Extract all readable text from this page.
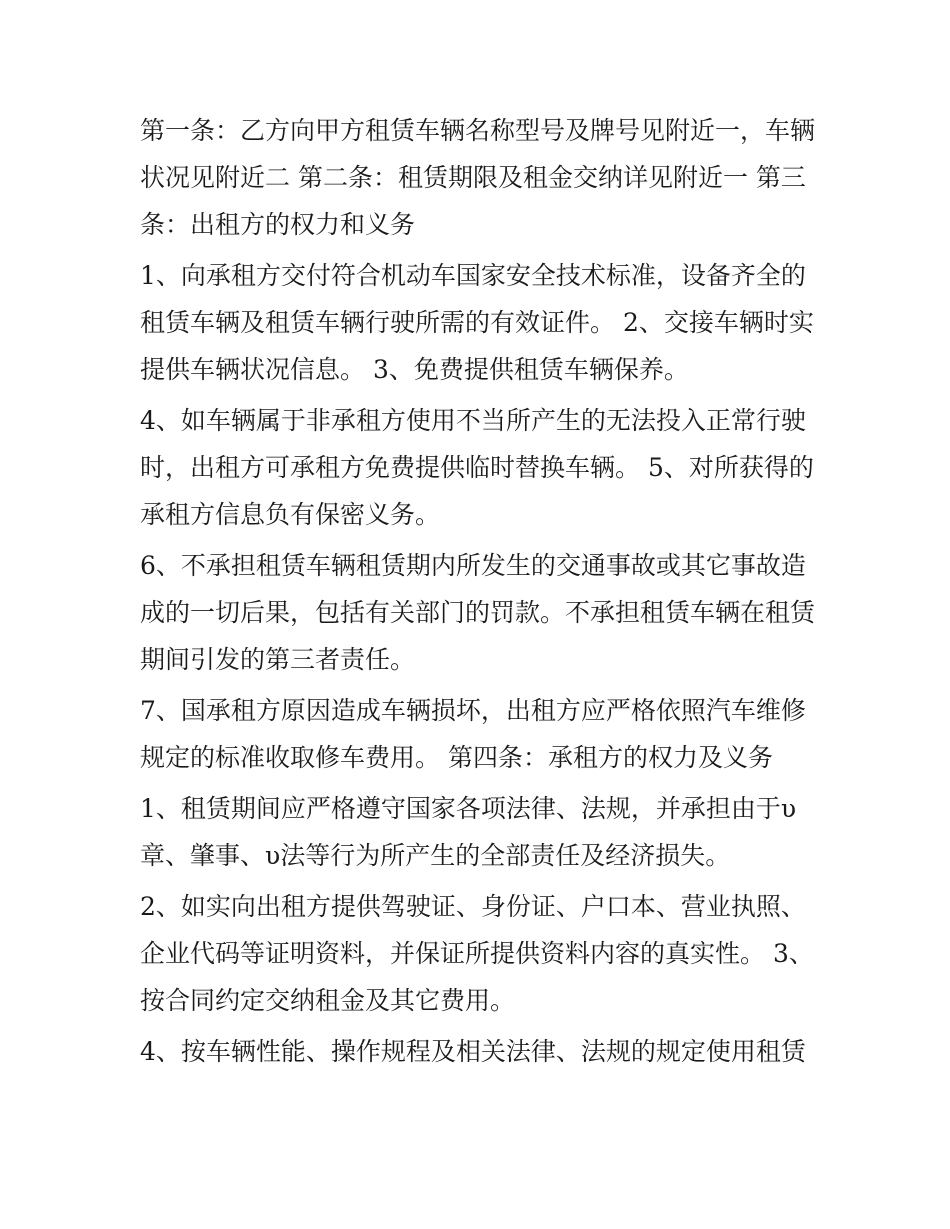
第一条：乙方向甲方租赁车辆名称型号及牌号见附近一，车辆
状况见附近二 第二条：租赁期限及租金交纳详见附近一 第三
条：出租方的权力和义务
1、向承租方交付符合机动车国家安全技术标准，设备齐全的
租赁车辆及租赁车辆行驶所需的有效证件。 2、交接车辆时实
提供车辆状况信息。 3、免费提供租赁车辆保养。
4、如车辆属于非承租方使用不当所产生的无法投入正常行驶
时，出租方可承租方免费提供临时替换车辆。 5、对所获得的
承租方信息负有保密义务。
6、不承担租赁车辆租赁期内所发生的交通事故或其它事故造
成的一切后果，包括有关部门的罚款。不承担租赁车辆在租赁
期间引发的第三者责任。
7、国承租方原因造成车辆损坏，出租方应严格依照汽车维修
规定的标准收取修车费用。 第四条：承租方的权力及义务
1、租赁期间应严格遵守国家各项法律、法规，并承担由于υ
章、肇事、υ法等行为所产生的全部责任及经济损失。
2、如实向出租方提供驾驶证、身份证、户口本、营业执照、
企业代码等证明资料，并保证所提供资料内容的真实性。 3、
按合同约定交纳租金及其它费用。
4、按车辆性能、操作规程及相关法律、法规的规定使用租赁
